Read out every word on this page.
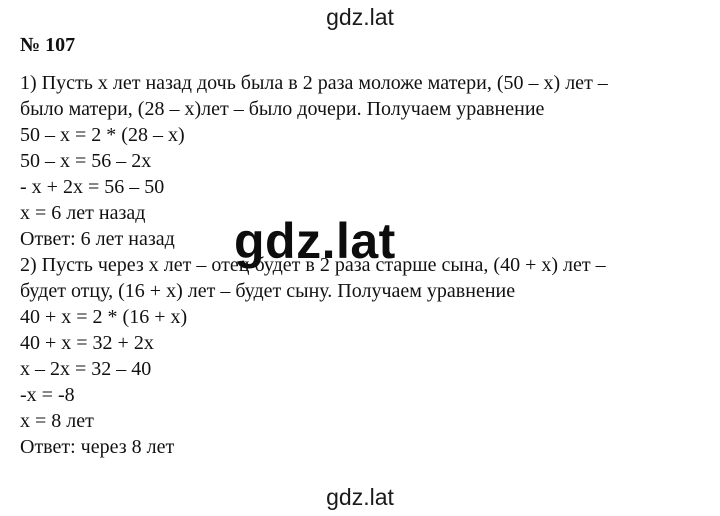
gdz.lat
№ 107
1) Пусть х лет назад дочь была в 2 раза моложе матери, (50 – х) лет –
было матери, (28 – х)лет – было дочери. Получаем уравнение
50 – х = 2 * (28 – х)
50 – х = 56 – 2х
- х + 2х = 56 – 50
х = 6 лет назад
Ответ: 6 лет назад
2) Пусть через х лет – отец будет в 2 раза старше сына, (40 + х) лет –
будет отцу, (16 + х) лет – будет сыну. Получаем уравнение
40 + х = 2 * (16 + х)
40 + х = 32 + 2х
х – 2х = 32 – 40
-х = -8
х = 8 лет
Ответ: через 8 лет
gdz.lat
gdz.lat
